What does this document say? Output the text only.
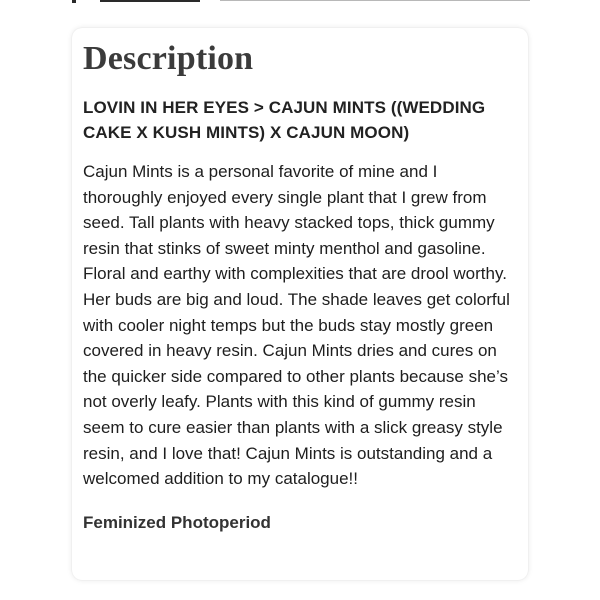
Description
LOVIN IN HER EYES > CAJUN MINTS ((WEDDING CAKE X KUSH MINTS) X CAJUN MOON)

Cajun Mints is a personal favorite of mine and I thoroughly enjoyed every single plant that I grew from seed. Tall plants with heavy stacked tops, thick gummy resin that stinks of sweet minty menthol and gasoline. Floral and earthy with complexities that are drool worthy. Her buds are big and loud. The shade leaves get colorful with cooler night temps but the buds stay mostly green covered in heavy resin. Cajun Mints dries and cures on the quicker side compared to other plants because she’s not overly leafy. Plants with this kind of gummy resin seem to cure easier than plants with a slick greasy style resin, and I love that! Cajun Mints is outstanding and a welcomed addition to my catalogue!!

Feminized Photoperiod
